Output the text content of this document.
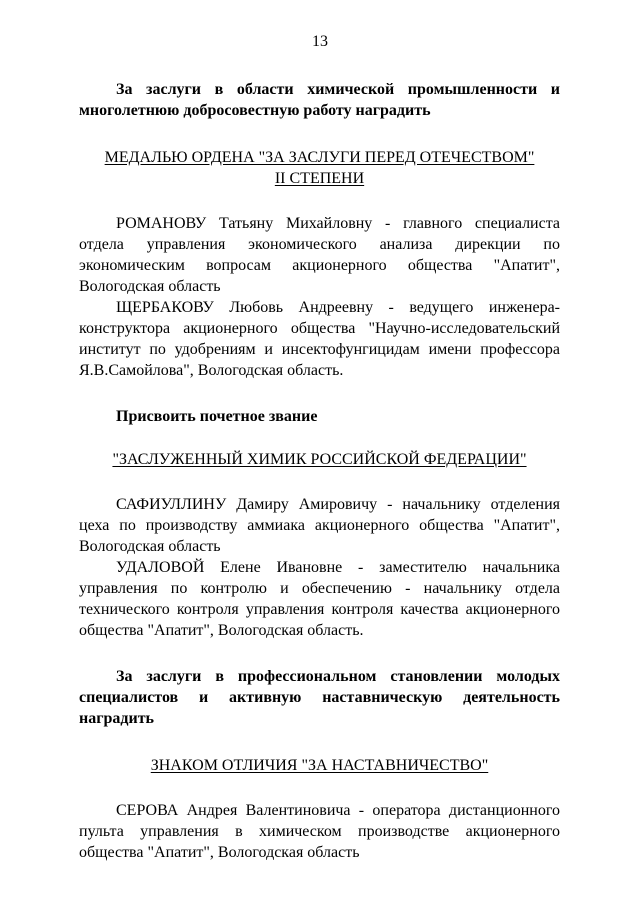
13

За заслуги в области химической промышленности и многолетнюю добросовестную работу наградить

МЕДАЛЬЮ ОРДЕНА "ЗА ЗАСЛУГИ ПЕРЕД ОТЕЧЕСТВОМ"
II СТЕПЕНИ

РОМАНОВУ Татьяну Михайловну - главного специалиста отдела управления экономического анализа дирекции по экономическим вопросам акционерного общества "Апатит", Вологодская область

ЩЕРБАКОВУ Любовь Андреевну - ведущего инженера-конструктора акционерного общества "Научно-исследовательский институт по удобрениям и инсектофунгицидам имени профессора Я.В.Самойлова", Вологодская область.

Присвоить почетное звание

"ЗАСЛУЖЕННЫЙ ХИМИК РОССИЙСКОЙ ФЕДЕРАЦИИ"

САФИУЛЛИНУ Дамиру Амировичу - начальнику отделения цеха по производству аммиака акционерного общества "Апатит", Вологодская область

УДАЛОВОЙ Елене Ивановне - заместителю начальника управления по контролю и обеспечению - начальнику отдела технического контроля управления контроля качества акционерного общества "Апатит", Вологодская область.

За заслуги в профессиональном становлении молодых специалистов и активную наставническую деятельность наградить

ЗНАКОМ ОТЛИЧИЯ "ЗА НАСТАВНИЧЕСТВО"

СЕРОВА Андрея Валентиновича - оператора дистанционного пульта управления в химическом производстве акционерного общества "Апатит", Вологодская область
